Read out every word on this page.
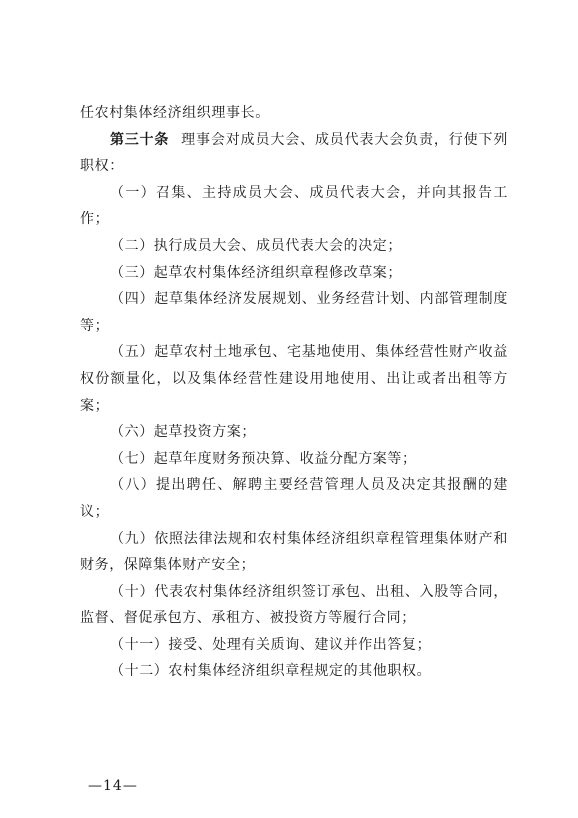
任农村集体经济组织理事长。

第三十条 理事会对成员大会、成员代表大会负责，行使下列职权：

（一）召集、主持成员大会、成员代表大会，并向其报告工作；

（二）执行成员大会、成员代表大会的决定；

（三）起草农村集体经济组织章程修改草案；

（四）起草集体经济发展规划、业务经营计划、内部管理制度等；

（五）起草农村土地承包、宅基地使用、集体经营性财产收益权份额量化，以及集体经营性建设用地使用、出让或者出租等方案；

（六）起草投资方案；

（七）起草年度财务预决算、收益分配方案等；

（八）提出聘任、解聘主要经营管理人员及决定其报酬的建议；

（九）依照法律法规和农村集体经济组织章程管理集体财产和财务，保障集体财产安全；

（十）代表农村集体经济组织签订承包、出租、入股等合同，监督、督促承包方、承租方、被投资方等履行合同；

（十一）接受、处理有关质询、建议并作出答复；

（十二）农村集体经济组织章程规定的其他职权。

—14—
